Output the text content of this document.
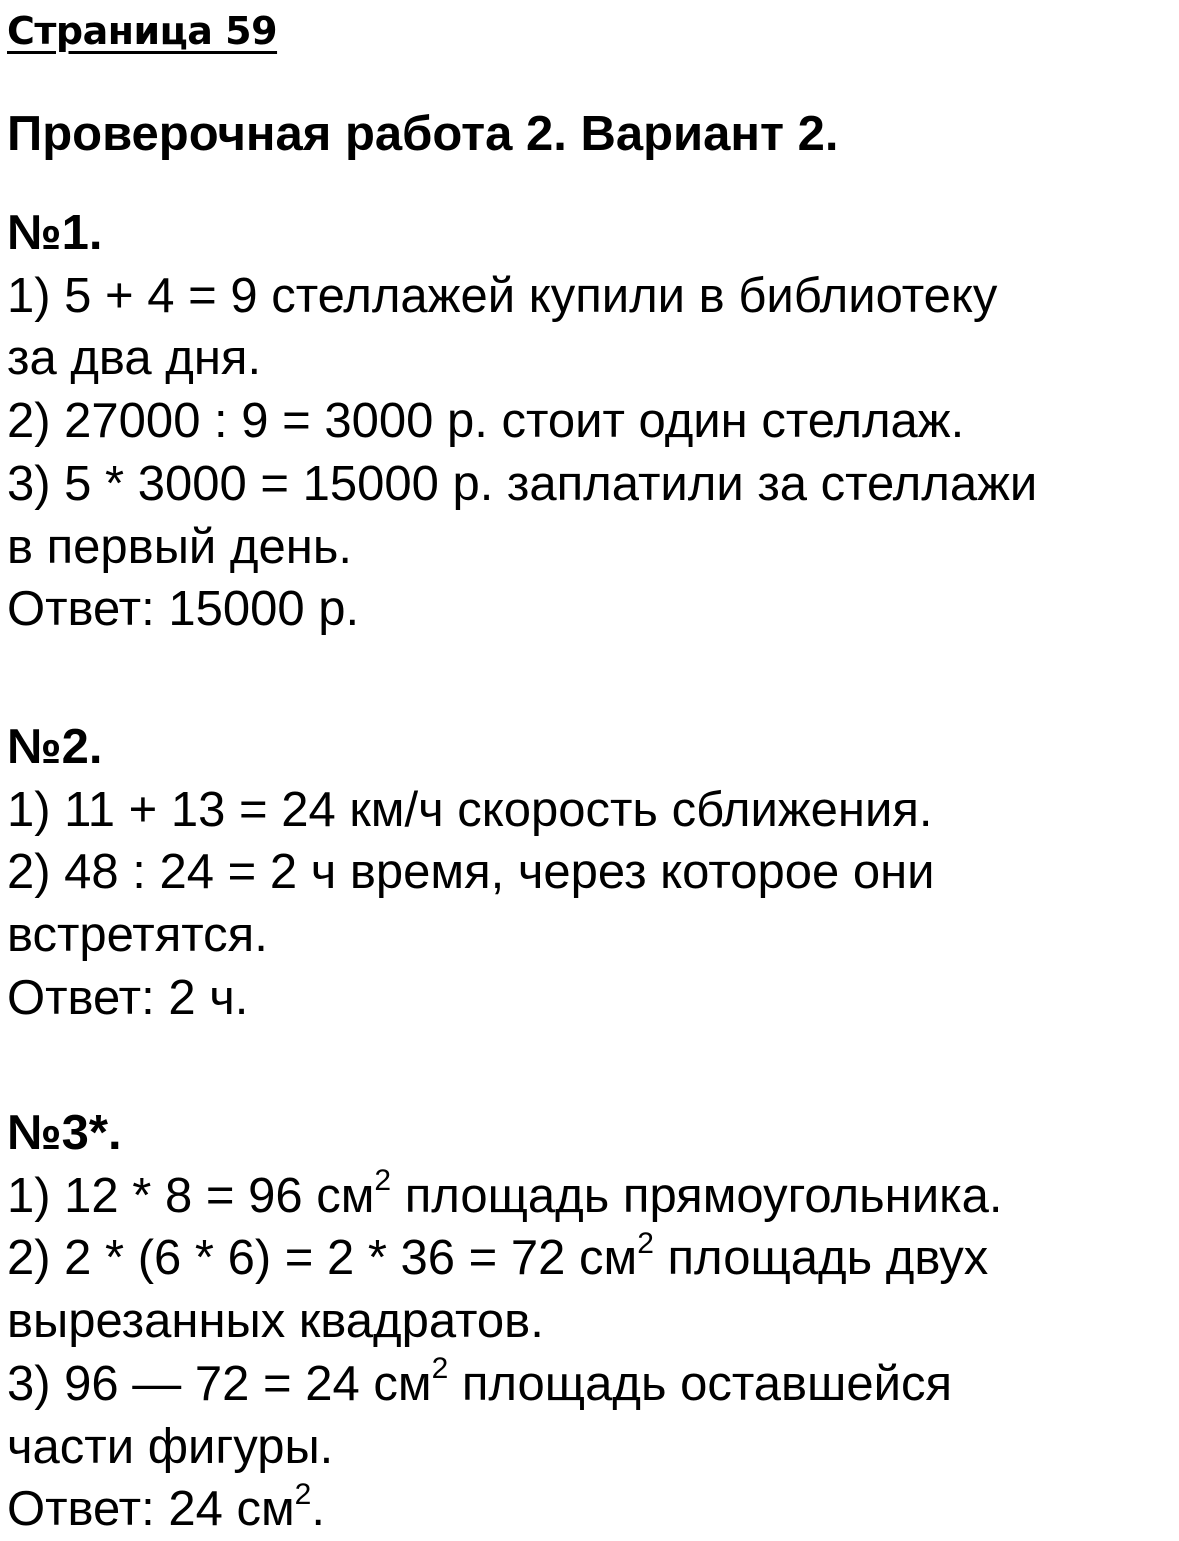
Страница 59
Проверочная работа 2. Вариант 2.
№1.
1) 5 + 4 = 9 стеллажей купили в библиотеку
за два дня.
2) 27000 : 9 = 3000 р. стоит один стеллаж.
3) 5 * 3000 = 15000 р. заплатили за стеллажи
в первый день.
Ответ: 15000 р.
№2.
1) 11 + 13 = 24 км/ч скорость сближения.
2) 48 : 24 = 2 ч время, через которое они
встретятся.
Ответ: 2 ч.
№3*.
1) 12 * 8 = 96 $см^2$ площадь прямоугольника.
2) 2 * (6 * 6) = 2 * 36 = 72 $см^2$ площадь двух
вырезанных квадратов.
3) 96 — 72 = 24 $см^2$ площадь оставшейся
части фигуры.
Ответ: 24 $см^2$.
